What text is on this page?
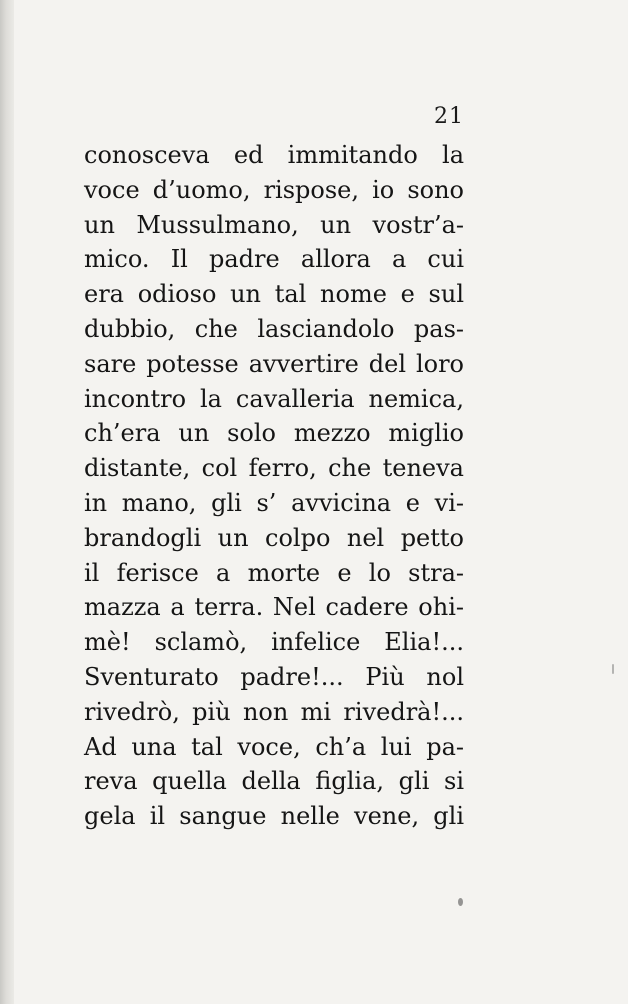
21
conosceva ed immitando la
voce d’uomo, rispose, io sono
un Mussulmano, un vostr’a-
mico. Il padre allora a cui
era odioso un tal nome e sul
dubbio, che lasciandolo pas-
sare potesse avvertire del loro
incontro la cavalleria nemica,
ch’era un solo mezzo miglio
distante, col ferro, che teneva
in mano, gli s’ avvicina e vi-
brandogli un colpo nel petto
il ferisce a morte e lo stra-
mazza a terra. Nel cadere ohi-
mè! sclamò, infelice Elia!...
Sventurato padre!... Più nol
rivedrò, più non mi rivedrà!...
Ad una tal voce, ch’a lui pa-
reva quella della figlia, gli si
gela il sangue nelle vene, gli
